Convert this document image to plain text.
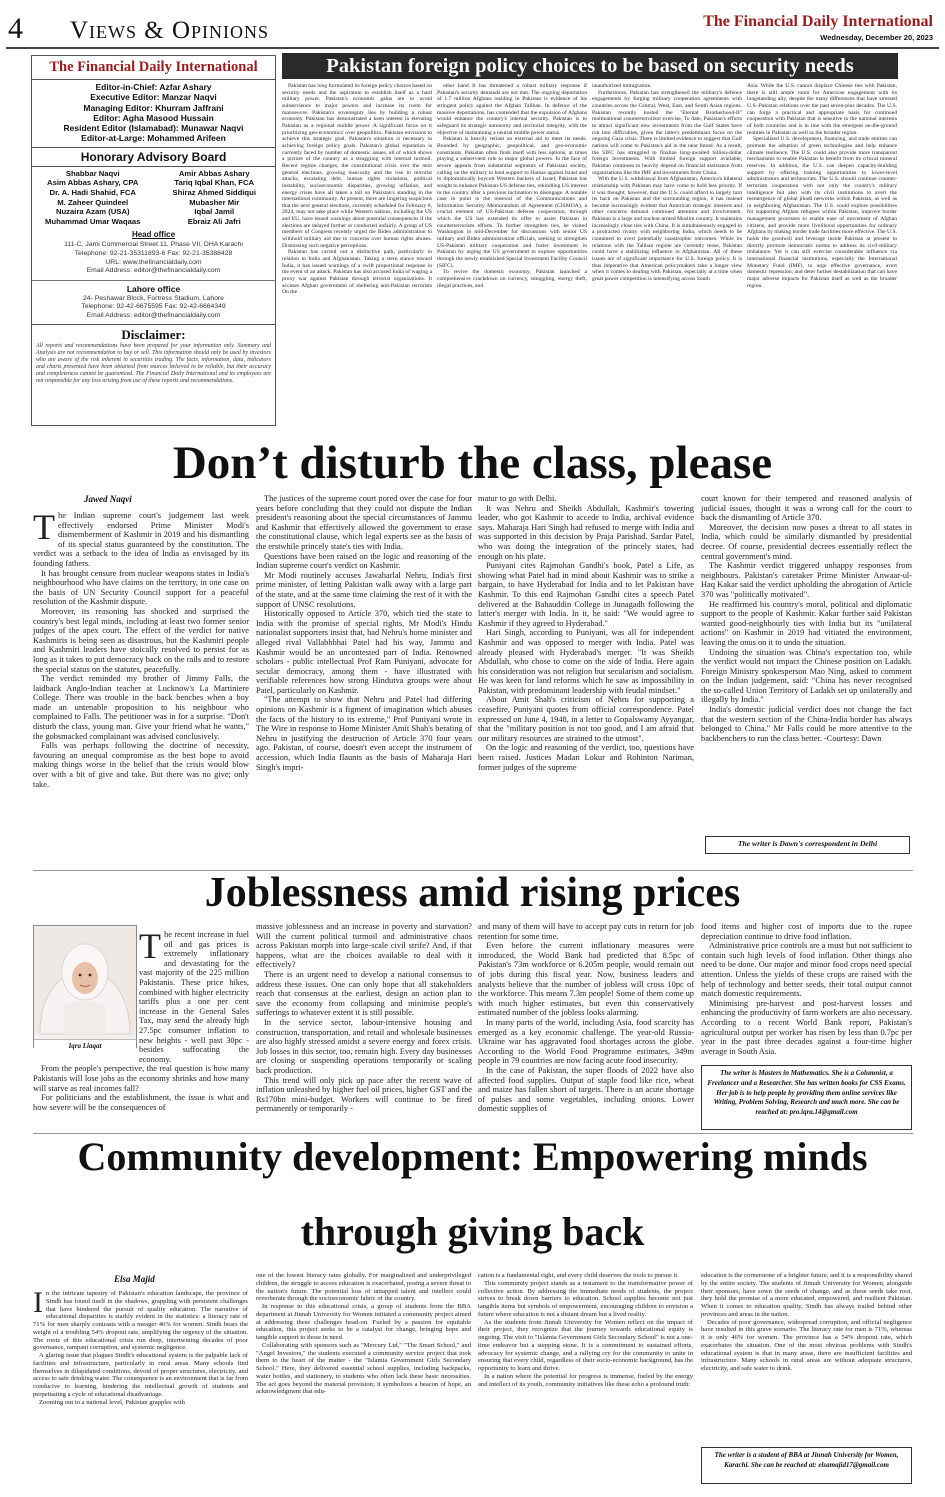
4 Views & Opinions	The Financial Daily International
Wednesday, December 20, 2023
The Financial Daily International
Editor-in-Chief: Azfar Ashary
Executive Editor: Manzar Naqvi
Managing Editor: Khurram Jaffrani
Editor: Agha Masood Hussain
Resident Editor (Islamabad): Munawar Naqvi
Editor-at-Large: Mohammed Arifeen
Honorary Advisory Board
Shabbar Naqvi
Asim Abbas Ashary, CPA
Dr. A. Hadi Shahid, FCA
M. Zaheer Quindeel
Nuzaira Azam (USA)
Muhammad Umar Waqaas
Amir Abbas Ashary
Tariq Iqbal Khan, FCA
Shiraz Ahmed Siddiqui
Mubasher Mir
Iqbal Jamil
Ebraiz Ali Jafri
Head office
111-C, Jami Commercial Street 11, Phase VII, DHA Karachi
Telephone: 92-21-35311893-6 Fax: 92-21-35388428
URL: www.thefinancialdaily.com
Email Address: editor@thefinancialdaily.com
Lahore office
24- Peshawar Block, Fortress Stadium, Lahore
Telephone: 92-42-6675595 Fax: 92-42-6664349
Email Address: editor@thefinancialdaily.com
Disclaimer:
All reports and recommendations have been prepared for your information only. Summary and Analysis are not recommendation to buy or sell. This information should only be used by investors who are aware of the risk inherent in securities trading. The facts, information, data, indicators and charts presented have been obtained from sources believed to be reliable, but their accuracy and completeness cannot be guaranteed. The Financial Daily International and its employees are not responsible for any loss arising from use of these reports and recommendations.
Pakistan foreign policy choices to be based on security needs

Pakistan has long formulated its foreign policy choices based on security needs and the aspiration to establish itself as a hard military power. Pakistan's economic gains are to avoid subservience to major powers and increase its room for manoeuvre. Pakistan's sovereignty lies by building a robust economy. Pakistan has demonstrated a keen interest in elevating Pakistan as a regional middle power. A significant focus on it prioritizing geo-economics' over geopolitics. Pakistan envisions to achieve this strategic goal. Pakistan's situation is necessary in achieving foreign policy goals. Pakistan's global reputation is currently faced by number of domestic issues, all of which shows a picture of the country as a struggling with internal turmoil. Recent regime changes, the constitutional crisis over the next general elections, growing insecurity and the rise in terrorist attacks, escalating debt, human rights violations, political instability, socioeconomic disparities, growing inflation, and energy crises have all taken a toll on Pakistan's standing in the international community. At present, there are lingering suspicions that the next general elections, currently scheduled for February 8, 2024, may not take place while Western nations, including the US and EU, have issued warnings about potential consequences if the elections are delayed further or conducted unfairly. A group of US members of Congress recently urged the Biden administration to withhold military aid due to concerns over human rights abuses. Dismissing such negative perceptions.

Pakistan has carved out a distinctive path, particularly in relation to India and Afghanistan. Taking a stern stance toward India, it has issued warnings of a swift proportional response in the event of an attack. Pakistan has also accused India of waging a proxy war against Pakistan through terrorist organizations. It accuses Afghan government of sheltering anti-Pakistan terrorists On the

other hand It has threatened a robust military response if Pakistan's security demands are not met. The ongoing deportation of 1.7 million Afghans residing in Pakistan is evidence of his stringent policy against the Afghan Taliban. In defence of the massive deportations, has contended that the expulsion of Afghans would enhance the country's internal security. Pakistan is to safeguard its strategic autonomy and territorial integrity, with the objective of maintaining a neutral middle power status.

Pakistan is heavily reliant on external aid to meet its needs. Bounded by geographic, geopolitical, and geo-economic constraints, Pakistan often finds itself with less options, at times playing a subservient role to major global powers. In the face of severe appeals from substantial segments of Pakistani society, calling on the military to lend support to Hamas against Israel and to diplomatically boycott Western backers of Israel, Pakistan has sought to enhance Pakistan-US defense ties, rekindling US interest in the country after a previous inclination to disengage. A notable case in point is the renewal of the Communications and Information Security Memorandum of Agreement (CISMOA), a crucial element of US-Pakistan defense cooperation, through which the US has extended its offer to assist Pakistan in counterterrorism efforts. To further strengthen ties, he visited Washington in mid-December for discussions with senior US military and Biden administration officials, seeking to strengthen US-Pakistan military cooperation and foster investment in Pakistan by urging the US government to explore opportunities through the newly established Special Investment Facility Council (SIFC).

To revive the domestic economy, Pakistan launched a comprehensive crackdown on currency, smuggling, energy theft, illegal practices, and

unauthorized immigration.

Furthermore, Pakistan has strengthened the military's defence engagements by forging military cooperation agreements with countries across the Central, West, East, and South Asian regions. Pakistan recently hosted the "Eternal Brotherhood-II" multinational counterterrorism exercise, To date, Pakistan's efforts to attract significant new investments from the Gulf States have run into difficulties, given the latter's predominant focus on the ongoing Gaza crisis. There is limited evidence to suggest that Gulf nations will come to Pakistan's aid in the near future. As a result, the SIFC has struggled to finalize long-awaited billion-dollar foreign investments. With limited foreign support available, Pakistan continues to heavily depend on financial assistance from organizations like the IMF and investments from China.

With the U.S. withdrawal from Afghanistan, America's bilateral relationship with Pakistan may have come to hold less priority. If it was thought, however, that the U.S. could afford to largely turn its back on Pakistan and the surrounding region, it has instead become increasingly evident that American strategic interests and other concerns demand continued attention and involvement. Pakistan is a large and nuclear-armed Muslim country. It maintains increasingly close ties with China. It is simultaneously engaged in a protracted rivalry with neighboring India, which needs to be contained to avert potentially catastrophic outcomes. While its relations with the Taliban regime are currently tense, Pakistan could have a stabilizing influence in Afghanistan. All of these issues are of significant importance for U.S. foreign policy. It is thus imperative that American policymakers take a longer view when it comes to dealing with Pakistan, especially at a time when great power competition is intensifying across South

Asia. While the U.S. cannot displace Chinese ties with Pakistan, there is still ample room for American engagement with its longstanding ally, despite the many differences that have stressed U.S.-Pakistan relations over the past seven-plus decades. The U.S. can forge a practical and appropriate basis for continued cooperation with Pakistan that is sensitive to the national interests of both countries and is in line with the emergent on-the-ground realities in Pakistan as well as the broader region.

Specialized U.S. development, financing, and trade entities can promote the adoption of green technologies and help enhance climate resilience. The U.S. could also provide more transparent mechanisms to enable Pakistan to benefit from its critical mineral reserves. In addition, the U.S. can deepen capacity-building support by offering training opportunities to lower-level administrators and technocrats. The U.S. should continue counter-terrorism cooperation with not only the country's military intelligence but also with its civil institutions to avert the reemergence of global jihadi networks within Pakistan, as well as in neighboring Afghanistan. The U.S. could explore possibilities for supporting Afghan refugees within Pakistan, improve border management processes to enable ease of movement of Afghan citizens, and provide more livelihood opportunities for ordinary Afghans by making border trade facilities more effective. The U.S. holds the goodwill and leverage inside Pakistan at present to directly promote democratic norms to address its civil-military imbalance. Yet it can still exercise considerable influence via international financial institutions, especially the International Monetary Fund (IMF), to urge effective governance, avert domestic repression, and deter further destabilization that can have major adverse impacts for Pakistan itself as well as the broader region.

Don’t disturb the class, please
Jawed Naqvi

The Indian supreme court's judgement last week effectively endorsed Prime Minister Modi's dismemberment of Kashmir in 2019 and his dismantling of its special status guaranteed by the constitution. The verdict was a setback to the idea of India as envisaged by its founding fathers.

It has brought censure from nuclear weapons states in India's neighbourhood who have claims on the territory, in one case on the basis of UN Security Council support for a peaceful resolution of the Kashmir dispute.

Moreover, its reasoning has shocked and surprised the country's best legal minds, including at least two former senior judges of the apex court. The effect of the verdict for native Kashmiris is being seen as disastrous, but the Kashmiri people and Kashmiri leaders have stoically resolved to persist for as long as it takes to put democracy back on the rails and to restore the special status on the statutes, peacefully.

The verdict reminded my brother of Jimmy Falls, the laidback Anglo-Indian teacher at Lucknow's La Martiniere College. There was trouble in the back benches when a boy made an untenable proposition to his neighbour who complained to Falls. The petitioner was in for a surprise. "Don't disturb the class, young man. Give your friend what he wants," the gobsmacked complainant was advised conclusively.

Falls was perhaps following the doctrine of necessity, favouring an unequal compromise as the best hope to avoid making things worse in the belief that the crisis would blow over with a bit of give and take. But there was no give; only take.

The justices of the supreme court pored over the case for four years before concluding that they could not dispute the Indian president's reasoning about the special circumstances of Jammu and Kashmir that effectively allowed the government to erase the constitutional clause, which legal experts see as the basis of the erstwhile princely state's ties with India.

Questions have been raised on the logic and reasoning of the Indian supreme court's verdict on Kashmir.

Mr Modi routinely accuses Jawaharlal Nehru, India's first prime minister, of letting Pakistan walk away with a large part of the state, and at the same time claiming the rest of it with the support of UNSC resolutions.

Historically opposed to Article 370, which tied the state to India with the promise of special rights, Mr Modi's Hindu nationalist supporters insist that, had Nehru's home minister and alleged rival Vallabhbhai Patel had his way, Jammu and Kashmir would be an uncontested part of India. Renowned scholars - public intellectual Prof Ram Puniyani, advocate for secular democracy, among them - have illustrated with verifiable references how strong Hindutva groups were about Patel, particularly on Kashmir.

"The attempt to show that Nehru and Patel had differing opinions on Kashmir is a figment of imagination which abuses the facts of the history to its extreme," Prof Puniyani wrote in The Wire in response to Home Minister Amit Shah's berating of Nehru in justifying the destruction of Article 370 four years ago. Pakistan, of course, doesn't even accept the instrument of accession, which India flaunts as the basis of Maharaja Hari Singh's impri-

matur to go with Delhi.

It was Nehru and Sheikh Abdullah, Kashmir's towering leader, who got Kashmir to accede to India, archival evidence says. Maharaja Hari Singh had refused to merge with India and was supported in this decision by Praja Parishad. Sardar Patel, who was doing the integration of the princely states, had enough on his plate.

Puniyani cites Rajmohan Gandhi's book, Patel a Life, as showing what Patel had in mind about Kashmir was to strike a bargain, to have Hyderabad for India and to let Pakistan have Kashmir. To this end Rajmohan Gandhi cites a speech Patel delivered at the Bahauddin College in Junagadh following the latter's merger with India. In it, he said: "We would agree to Kashmir if they agreed to Hyderabad."

Hari Singh, according to Puniyani, was all for independent Kashmir and was opposed to merger with India. Patel was already pleased with Hyderabad's merger. "It was Sheikh Abdullah, who chose to come on the side of India. Here again his consideration was not religion but secularism and socialism. He was keen for land reforms which he saw as impossibility in Pakistan, with predominant leadership with feudal mindset."

About Amit Shah's criticism of Nehru for supporting a ceasefire, Puniyani quotes from official correspondence. Patel expressed on June 4, 1948, in a letter to Gopalswamy Ayyangar, that the "military position is not too good, and I am afraid that our military resources are strained to the utmost".

On the logic and reasoning of the verdict, too, questions have been raised. Justices Madan Lokur and Rohinton Nariman, former judges of the supreme

court known for their tempered and reasoned analysis of judicial issues, thought it was a wrong call for the court to back the dismantling of Article 370.

Moreover, the decision now poses a threat to all states in India, which could be similarly dismantled by presidential decree. Of course, presidential decrees essentially reflect the central government's mind.

The Kashmir verdict triggered unhappy responses from neighbours. Pakistan's caretaker Prime Minister Anwaar-ul-Haq Kakar said the verdict upholding the abrogation of Article 370 was "politically motivated".

He reaffirmed his country's moral, political and diplomatic support to the people of Kashmir. Kakar further said Pakistan wanted good-neighbourly ties with India but its "unilateral actions" on Kashmir in 2019 had vitiated the environment, leaving the onus on it to undo the situation.

Undoing the situation was China's expectation too, while the verdict would not impact the Chinese position on Ladakh. Foreign Ministry spokesperson Mao Ning, asked to comment on the Indian judgement, said: "China has never recognised the so-called Union Territory of Ladakh set up unilaterally and illegally by India."

India's domestic judicial verdict does not change the fact that the western section of the China-India border has always belonged to China." Mr Falls could be more attentive to the backbenchers to run the class better. -Courtesy: Dawn

The writer is Dawn's correspondent in Delhi
Joblessness amid rising prices
Iqra Liaqat

The recent increase in fuel oil and gas prices is extremely inflationary and devastating for the vast majority of the 225 million Pakistanis. These price hikes, combined with higher electricity tariffs plus a one per cent increase in the General Sales Tax, may send the already high 27.5pc consumer inflation to new heights - well past 30pc - besides suffocating the economy.

From the people's perspective, the real question is how many Pakistanis will lose jobs as the economy shrinks and how many will starve as real incomes fall?

For politicians and the establishment, the issue is what and how severe will be the consequences of

massive joblessness and an increase in poverty and starvation? Will the current political turmoil and administrative chaos across Pakistan morph into large-scale civil strife? And, if that happens, what are the choices available to deal with it effectively?

There is an urgent need to develop a national consensus to address these issues. One can only hope that all stakeholders reach that consensus at the earliest, design an action plan to save the economy from collapsing and minimise people's sufferings to whatever extent it is still possible.

In the service sector, labour-intensive housing and construction, transportation, and retail and wholesale businesses are also highly stressed amidst a severe energy and forex crisis. Job losses in this sector, too, remain high. Every day businesses are closing or suspending operations temporarily or scaling back production.

This trend will only pick up pace after the recent wave of inflation unleashed by higher fuel oil prices, higher GST and the Rs170bn mini-budget. Workers will continue to be fired permanently or temporarily -

and many of them will have to accept pay cuts in return for job retention for some time.

Even before the current inflationary measures were introduced, the World Bank had predicted that 8.5pc of Pakistan's 73m workforce or 6.205m people, would remain out of jobs during this fiscal year. Now, business leaders and analysts believe that the number of jobless will cross 10pc of the workforce. This means 7.3m people! Some of them come up with much higher estimates, but even this conservatively estimated number of the jobless looks alarming.

In many parts of the world, including Asia, food scarcity has emerged as a key economic challenge. The year-old Russia-Ukraine war has aggravated food shortages across the globe. According to the World Food Programme estimates, 349m people in 79 countries are now facing acute food insecurity.

In the case of Pakistan, the super floods of 2022 have also affected food supplies. Output of staple food like rice, wheat and maize has fallen short of targets. There is an acute shortage of pulses and some vegetables, including onions. Lower domestic supplies of

food items and higher cost of imports due to the rupee depreciation continue to drive food inflation.

Administrative price controls are a must but not sufficient to contain such high levels of food inflation. Other things also need to be done. Our major and minor food crops need special attention. Unless the yields of these crops are raised with the help of technology and better seeds, their total output cannot match domestic requirements.

Minimising pre-harvest and post-harvest losses and enhancing the productivity of farm workers are also necessary. According to a recent World Bank report, Pakistan's agricultural output per worker has risen by less than 0.7pc per year in the past three decades against a four-time higher average in South Asia.

The writer is Masters in Mathematics. She is a Columnist, a Freelancer and a Researcher. She has written books for CSS Exams. Her job is to help people by providing them online services like Writing, Problem Solving, Research and much more. She can be reached at: pro.iqra.14@gmail.com
Community development: Empowering minds
through giving back
Elsa Majid

In the intricate tapestry of Pakistan's education landscape, the province of Sindh has found itself in the shadows, grappling with persistent challenges that have hindered the pursuit of quality education. The narrative of educational disparities is starkly evident in the statistics: a literacy rate of 71% for men sharply contrasts with a meager 46% for women. Sindh bears the weight of a troubling 54% dropout rate, amplifying the urgency of the situation. The roots of this educational crisis run deep, intertwining decades of poor governance, rampant corruption, and systemic negligence.

A glaring issue that plagues Sindh's educational system is the palpable lack of facilities and infrastructure, particularly in rural areas. Many schools find themselves in dilapidated conditions, devoid of proper structures, electricity, and access to safe drinking water. The consequence is an environment that is far from conducive to learning, hindering the intellectual growth of students and perpetuating a cycle of educational disadvantage.

Zooming out to a national level, Pakistan grapples with

one of the lowest literacy rates globally. For marginalized and underprivileged children, the struggle to access education is exacerbated, posing a severe threat to the nation's future. The potential loss of untapped talent and intellect could reverberate through the socioeconomic fabric of the country.

In response to this educational crisis, a group of students from the BBA department at Jinnah University for Women initiated a community project aimed at addressing these challenges head-on. Fueled by a passion for equitable education, this project seeks to be a catalyst for change, bringing hope and tangible support to those in need.

Collaborating with sponsors such as "Mercury Ltd," "The Smart School," and "Angel Investors," the students executed a community service project that took them to the heart of the matter - the "Islamia Government Girls Secondary School." Here, they delivered essential school supplies, including backpacks, water bottles, and stationery, to students who often lack these basic necessities. The act goes beyond the material provision; it symbolizes a beacon of hope, an acknowledgment that edu-

cation is a fundamental right, and every child deserves the tools to pursue it.

This community project stands as a testament to the transformative power of collective action. By addressing the immediate needs of students, the project strives to break down barriers to education. School supplies become not just tangible items but symbols of empowerment, encouraging children to envision a future where education is not a distant dream but a lived reality.

As the students from Jinnah University for Women reflect on the impact of their project, they recognize that the journey towards educational equity is ongoing. The visit to "Islamia Government Girls Secondary School" is not a one-time endeavor but a stepping stone. It is a commitment to sustained efforts, advocacy for systemic change, and a rallying cry for the community to unite in ensuring that every child, regardless of their socio-economic background, has the opportunity to learn and thrive.

In a nation where the potential for progress is immense, fueled by the energy and intellect of its youth, community initiatives like these echo a profound truth:

education is the cornerstone of a brighter future, and it is a responsibility shared by the entire society. The students of Jinnah University for Women, alongside their sponsors, have sown the seeds of change, and as these seeds take root, they hold the promise of a more educated, empowered, and resilient Pakistan. When it comes to education quality, Sindh has always trailed behind other provinces and areas in the nation.

Decades of poor governance, widespread corruption, and official negligence have resulted in this grave scenario. The literacy rate for men is 71%, whereas it is only 46% for women. The province has a 54% dropout rate, which exacerbates the situation. One of the most obvious problems with Sindh's educational system is that in many areas, there are insufficient facilities and infrastructure. Many schools in rural areas are without adequate structures, electricity, and safe water to drink.

The writer is a student of BBA at Jinnah University for Women, Karachi. She can be reached at: elsamajid17@gmail.com
